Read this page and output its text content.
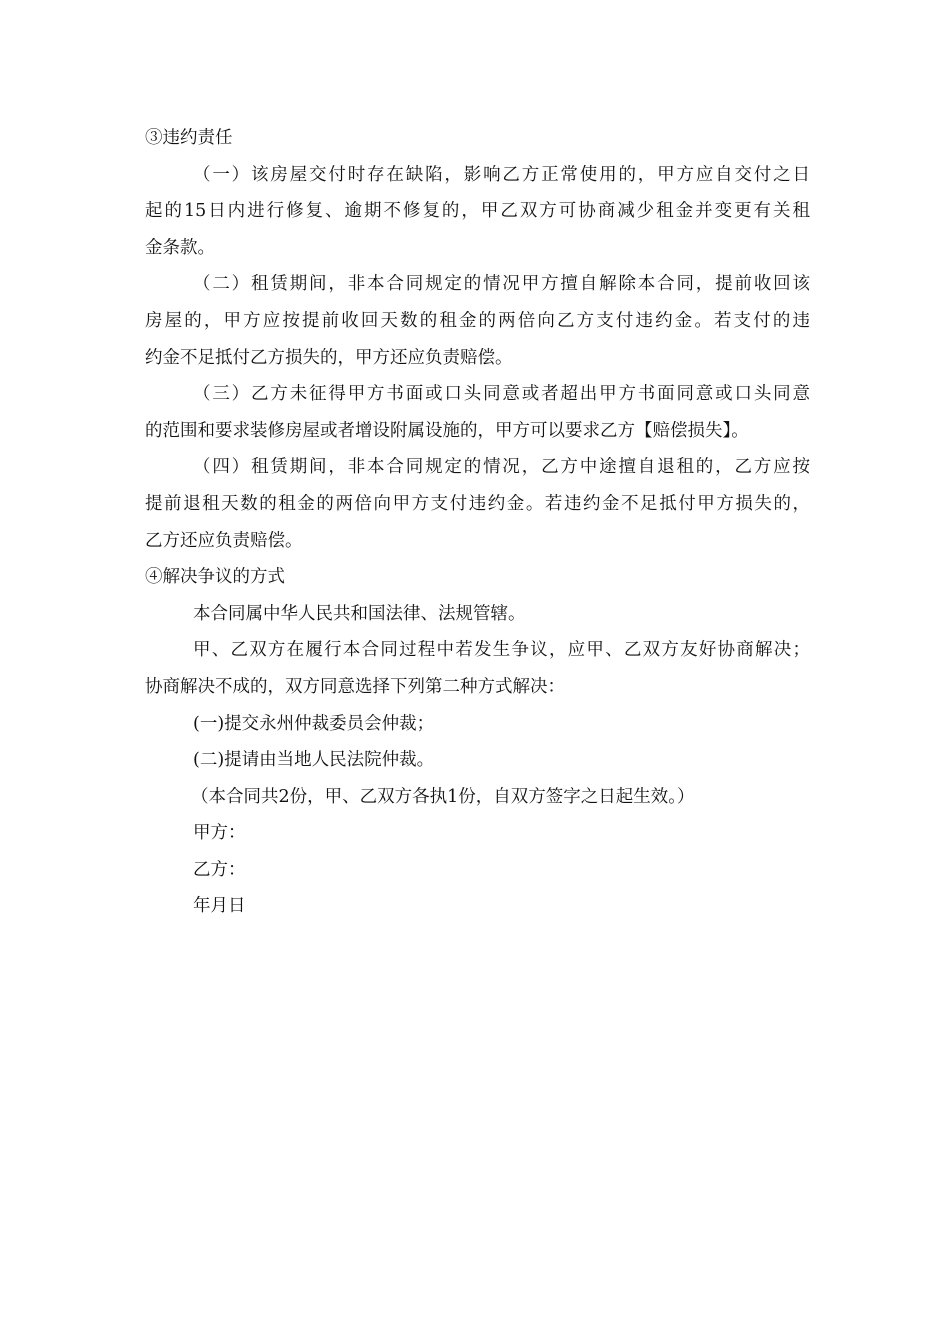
③违约责任
（一）该房屋交付时存在缺陷，影响乙方正常使用的，甲方应自交付之日
起的15日内进行修复、逾期不修复的，甲乙双方可协商减少租金并变更有关租
金条款。
（二）租赁期间，非本合同规定的情况甲方擅自解除本合同，提前收回该
房屋的，甲方应按提前收回天数的租金的两倍向乙方支付违约金。若支付的违
约金不足抵付乙方损失的，甲方还应负责赔偿。
（三）乙方未征得甲方书面或口头同意或者超出甲方书面同意或口头同意
的范围和要求装修房屋或者增设附属设施的，甲方可以要求乙方【赔偿损失】。
（四）租赁期间，非本合同规定的情况，乙方中途擅自退租的，乙方应按
提前退租天数的租金的两倍向甲方支付违约金。若违约金不足抵付甲方损失的，
乙方还应负责赔偿。
④解决争议的方式
本合同属中华人民共和国法律、法规管辖。
甲、乙双方在履行本合同过程中若发生争议，应甲、乙双方友好协商解决；
协商解决不成的，双方同意选择下列第二种方式解决：
(一)提交永州仲裁委员会仲裁；
(二)提请由当地人民法院仲裁。
（本合同共2份，甲、乙双方各执1份，自双方签字之日起生效。）
甲方：
乙方：
年月日
